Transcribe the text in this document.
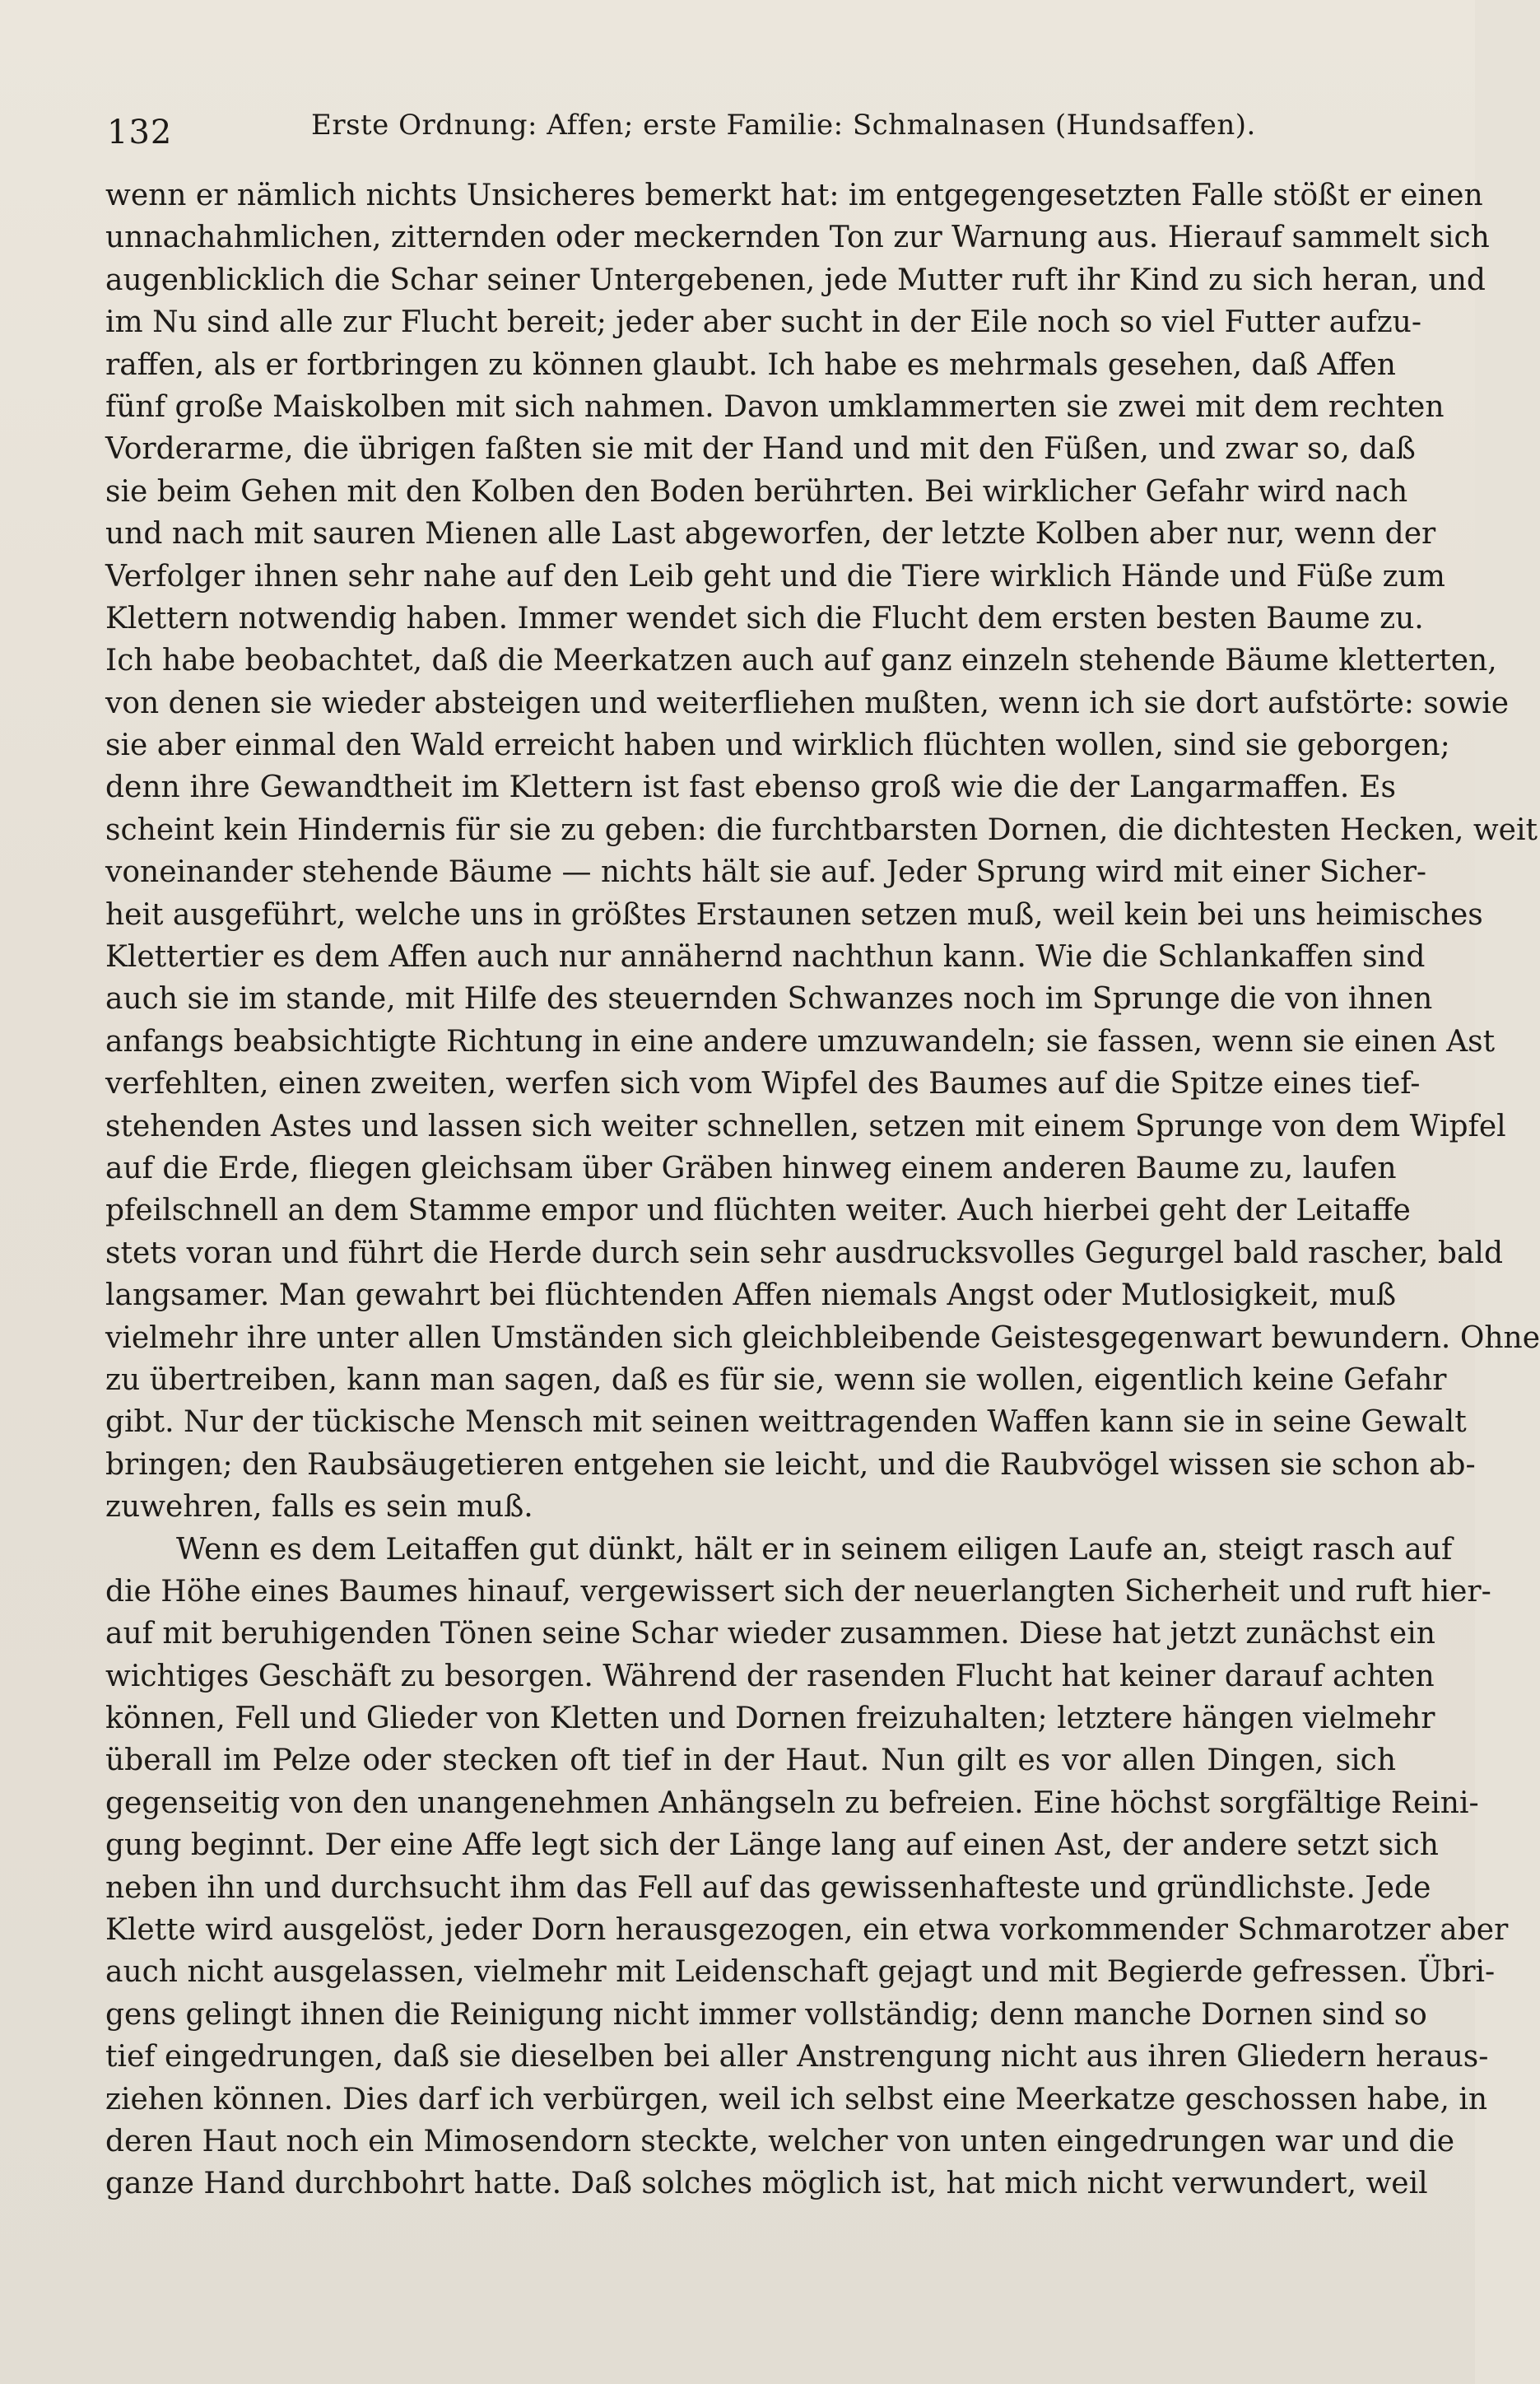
132	Erste Ordnung: Affen; erste Familie: Schmalnasen (Hundsaffen).
wenn er nämlich nichts Unsicheres bemerkt hat: im entgegengesetzten Falle stößt er einen
unnachahmlichen, zitternden oder meckernden Ton zur Warnung aus. Hierauf sammelt sich
augenblicklich die Schar seiner Untergebenen, jede Mutter ruft ihr Kind zu sich heran, und
im Nu sind alle zur Flucht bereit; jeder aber sucht in der Eile noch so viel Futter aufzu-
raffen, als er fortbringen zu können glaubt. Ich habe es mehrmals gesehen, daß Affen
fünf große Maiskolben mit sich nahmen. Davon umklammerten sie zwei mit dem rechten
Vorderarme, die übrigen faßten sie mit der Hand und mit den Füßen, und zwar so, daß
sie beim Gehen mit den Kolben den Boden berührten. Bei wirklicher Gefahr wird nach
und nach mit sauren Mienen alle Last abgeworfen, der letzte Kolben aber nur, wenn der
Verfolger ihnen sehr nahe auf den Leib geht und die Tiere wirklich Hände und Füße zum
Klettern notwendig haben. Immer wendet sich die Flucht dem ersten besten Baume zu.
Ich habe beobachtet, daß die Meerkatzen auch auf ganz einzeln stehende Bäume kletterten,
von denen sie wieder absteigen und weiterfliehen mußten, wenn ich sie dort aufstörte: sowie
sie aber einmal den Wald erreicht haben und wirklich flüchten wollen, sind sie geborgen;
denn ihre Gewandtheit im Klettern ist fast ebenso groß wie die der Langarmaffen. Es
scheint kein Hindernis für sie zu geben: die furchtbarsten Dornen, die dichtesten Hecken, weit
voneinander stehende Bäume — nichts hält sie auf. Jeder Sprung wird mit einer Sicher-
heit ausgeführt, welche uns in größtes Erstaunen setzen muß, weil kein bei uns heimisches
Klettertier es dem Affen auch nur annähernd nachthun kann. Wie die Schlankaffen sind
auch sie im stande, mit Hilfe des steuernden Schwanzes noch im Sprunge die von ihnen
anfangs beabsichtigte Richtung in eine andere umzuwandeln; sie fassen, wenn sie einen Ast
verfehlten, einen zweiten, werfen sich vom Wipfel des Baumes auf die Spitze eines tief-
stehenden Astes und lassen sich weiter schnellen, setzen mit einem Sprunge von dem Wipfel
auf die Erde, fliegen gleichsam über Gräben hinweg einem anderen Baume zu, laufen
pfeilschnell an dem Stamme empor und flüchten weiter. Auch hierbei geht der Leitaffe
stets voran und führt die Herde durch sein sehr ausdrucksvolles Gegurgel bald rascher, bald
langsamer. Man gewahrt bei flüchtenden Affen niemals Angst oder Mutlosigkeit, muß
vielmehr ihre unter allen Umständen sich gleichbleibende Geistesgegenwart bewundern. Ohne
zu übertreiben, kann man sagen, daß es für sie, wenn sie wollen, eigentlich keine Gefahr
gibt. Nur der tückische Mensch mit seinen weittragenden Waffen kann sie in seine Gewalt
bringen; den Raubsäugetieren entgehen sie leicht, und die Raubvögel wissen sie schon ab-
zuwehren, falls es sein muß.
Wenn es dem Leitaffen gut dünkt, hält er in seinem eiligen Laufe an, steigt rasch auf
die Höhe eines Baumes hinauf, vergewissert sich der neuerlangten Sicherheit und ruft hier-
auf mit beruhigenden Tönen seine Schar wieder zusammen. Diese hat jetzt zunächst ein
wichtiges Geschäft zu besorgen. Während der rasenden Flucht hat keiner darauf achten
können, Fell und Glieder von Kletten und Dornen freizuhalten; letztere hängen vielmehr
überall im Pelze oder stecken oft tief in der Haut. Nun gilt es vor allen Dingen, sich
gegenseitig von den unangenehmen Anhängseln zu befreien. Eine höchst sorgfältige Reini-
gung beginnt. Der eine Affe legt sich der Länge lang auf einen Ast, der andere setzt sich
neben ihn und durchsucht ihm das Fell auf das gewissenhafteste und gründlichste. Jede
Klette wird ausgelöst, jeder Dorn herausgezogen, ein etwa vorkommender Schmarotzer aber
auch nicht ausgelassen, vielmehr mit Leidenschaft gejagt und mit Begierde gefressen. Übri-
gens gelingt ihnen die Reinigung nicht immer vollständig; denn manche Dornen sind so
tief eingedrungen, daß sie dieselben bei aller Anstrengung nicht aus ihren Gliedern heraus-
ziehen können. Dies darf ich verbürgen, weil ich selbst eine Meerkatze geschossen habe, in
deren Haut noch ein Mimosendorn steckte, welcher von unten eingedrungen war und die
ganze Hand durchbohrt hatte. Daß solches möglich ist, hat mich nicht verwundert, weil
